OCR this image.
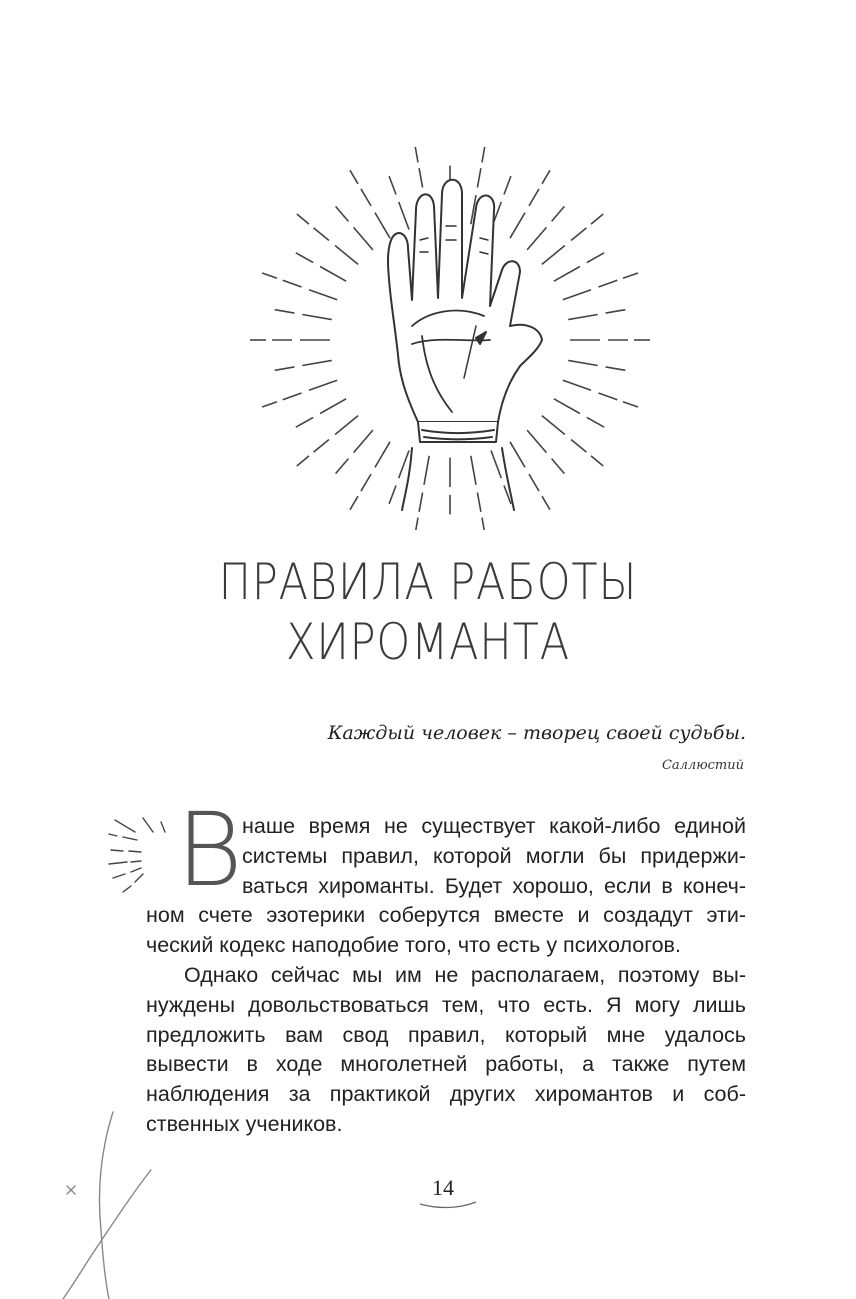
ПРАВИЛА РАБОТЫ
ХИРОМАНТА
Каждый человек – творец своей судьбы.
Саллюстий
В наше время не существует какой-либо единой
системы правил, которой могли бы придержи-
ваться хироманты. Будет хорошо, если в конеч-
ном счете эзотерики соберутся вместе и создадут эти-
ческий кодекс наподобие того, что есть у психологов.
Однако сейчас мы им не располагаем, поэтому вы-
нуждены довольствоваться тем, что есть. Я могу лишь
предложить вам свод правил, который мне удалось
вывести в ходе многолетней работы, а также путем
наблюдения за практикой других хиромантов и соб-
ственных учеников.
14
